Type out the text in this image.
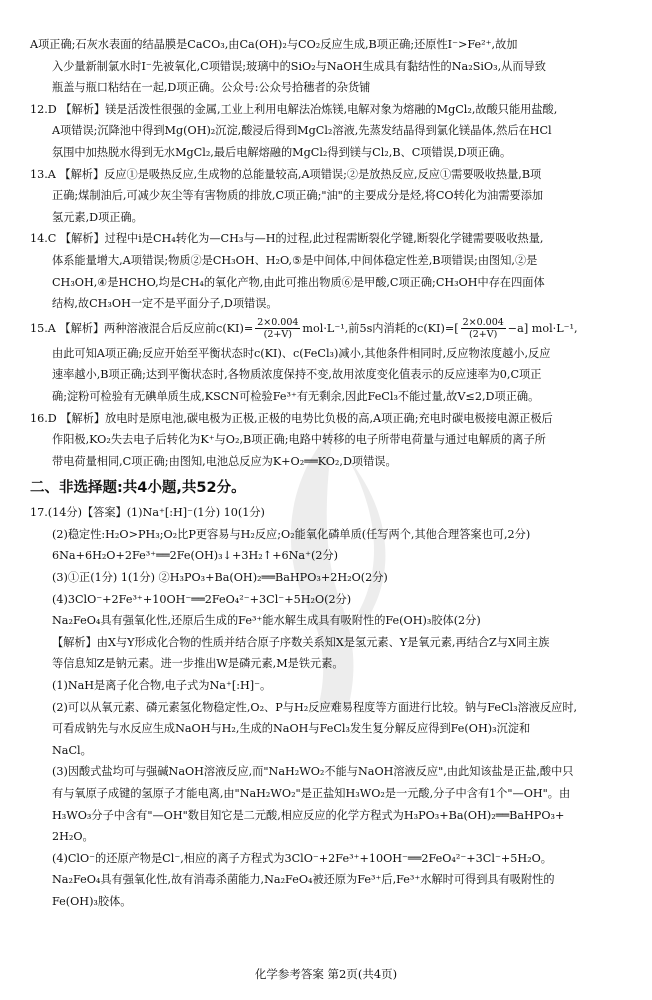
A项正确;石灰水表面的结晶膜是CaCO₃,由Ca(OH)₂与CO₂反应生成,B项正确;还原性I⁻>Fe²⁺,故加

入少量新制氯水时I⁻先被氧化,C项错误;玻璃中的SiO₂与NaOH生成具有黏结性的Na₂SiO₃,从而导致

瓶盖与瓶口粘结在一起,D项正确。公众号:公众号拾穗者的杂货铺

12.D 【解析】镁是活泼性很强的金属,工业上利用电解法冶炼镁,电解对象为熔融的MgCl₂,故酸只能用盐酸,

A项错误;沉降池中得到Mg(OH)₂沉淀,酸浸后得到MgCl₂溶液,先蒸发结晶得到氯化镁晶体,然后在HCl

氛围中加热脱水得到无水MgCl₂,最后电解熔融的MgCl₂得到镁与Cl₂,B、C项错误,D项正确。

13.A 【解析】反应①是吸热反应,生成物的总能量较高,A项错误;②是放热反应,反应①需要吸收热量,B项

正确;煤制油后,可减少灰尘等有害物质的排放,C项正确;"油"的主要成分是烃,将CO转化为油需要添加

氢元素,D项正确。

14.C 【解析】过程中i是CH₄转化为—CH₃与—H的过程,此过程需断裂化学键,断裂化学键需要吸收热量,

体系能量增大,A项错误;物质②是CH₃OH、H₂O,⑤是中间体,中间体稳定性差,B项错误;由图知,②是

CH₃OH,④是HCHO,均是CH₄的氧化产物,由此可推出物质⑥是甲酸,C项正确;CH₃OH中存在四面体

结构,故CH₃OH一定不是平面分子,D项错误。

15.A 【解析】两种溶液混合后反应前$c(KI)= \frac{2\times 0.004}{(2+V)} mol\cdot L^{-1}$,前5s内消耗的$c(KI)=[ \frac{2\times 0.004}{(2+V)} -a]$ mol·L⁻¹,

由此可知A项正确;反应开始至平衡状态时c(KI)、c(FeCl₃)减小,其他条件相同时,反应物浓度越小,反应

速率越小,B项正确;达到平衡状态时,各物质浓度保持不变,故用浓度变化值表示的反应速率为0,C项正

确;淀粉可检验有无碘单质生成,KSCN可检验Fe³⁺有无剩余,因此FeCl₃不能过量,故V≤2,D项正确。

16.D 【解析】放电时是原电池,碳电极为正极,正极的电势比负极的高,A项正确;充电时碳电极接电源正极后

作阳极,KO₂失去电子后转化为K⁺与O₂,B项正确;电路中转移的电子所带电荷量与通过电解质的离子所

带电荷量相同,C项正确;由图知,电池总反应为K+O₂══KO₂,D项错误。

二、非选择题:共4小题,共52分。

17.(14分)【答案】(1)Na⁺[:H]⁻(1分) 10(1分)

(2)稳定性:H₂O>PH₃;O₂比P更容易与H₂反应;O₂能氧化磷单质(任写两个,其他合理答案也可,2分)

6Na+6H₂O+2Fe³⁺══2Fe(OH)₃↓+3H₂↑+6Na⁺(2分)

(3)①正(1分) 1(1分) ②H₃PO₃+Ba(OH)₂══BaHPO₃+2H₂O(2分)

(4)3ClO⁻+2Fe³⁺+10OH⁻══2FeO₄²⁻+3Cl⁻+5H₂O(2分)

Na₂FeO₄具有强氧化性,还原后生成的Fe³⁺能水解生成具有吸附性的Fe(OH)₃胶体(2分)

【解析】由X与Y形成化合物的性质并结合原子序数关系知X是氢元素、Y是氧元素,再结合Z与X同主族

等信息知Z是钠元素。进一步推出W是磷元素,M是铁元素。

(1)NaH是离子化合物,电子式为Na⁺[:H]⁻。

(2)可以从氧元素、磷元素氢化物稳定性,O₂、P与H₂反应难易程度等方面进行比较。钠与FeCl₃溶液反应时,

可看成钠先与水反应生成NaOH与H₂,生成的NaOH与FeCl₃发生复分解反应得到Fe(OH)₃沉淀和

NaCl。

(3)因酸式盐均可与强碱NaOH溶液反应,而"NaH₂WO₂不能与NaOH溶液反应",由此知该盐是正盐,酸中只

有与氧原子成键的氢原子才能电离,由"NaH₂WO₂"是正盐知H₃WO₂是一元酸,分子中含有1个"—OH"。由

H₃WO₃分子中含有"—OH"数目知它是二元酸,相应反应的化学方程式为H₃PO₃+Ba(OH)₂══BaHPO₃+

2H₂O。

(4)ClO⁻的还原产物是Cl⁻,相应的离子方程式为3ClO⁻+2Fe³⁺+10OH⁻══2FeO₄²⁻+3Cl⁻+5H₂O。

Na₂FeO₄具有强氧化性,故有消毒杀菌能力,Na₂FeO₄被还原为Fe³⁺后,Fe³⁺水解时可得到具有吸附性的

Fe(OH)₃胶体。

化学参考答案 第2页(共4页)
